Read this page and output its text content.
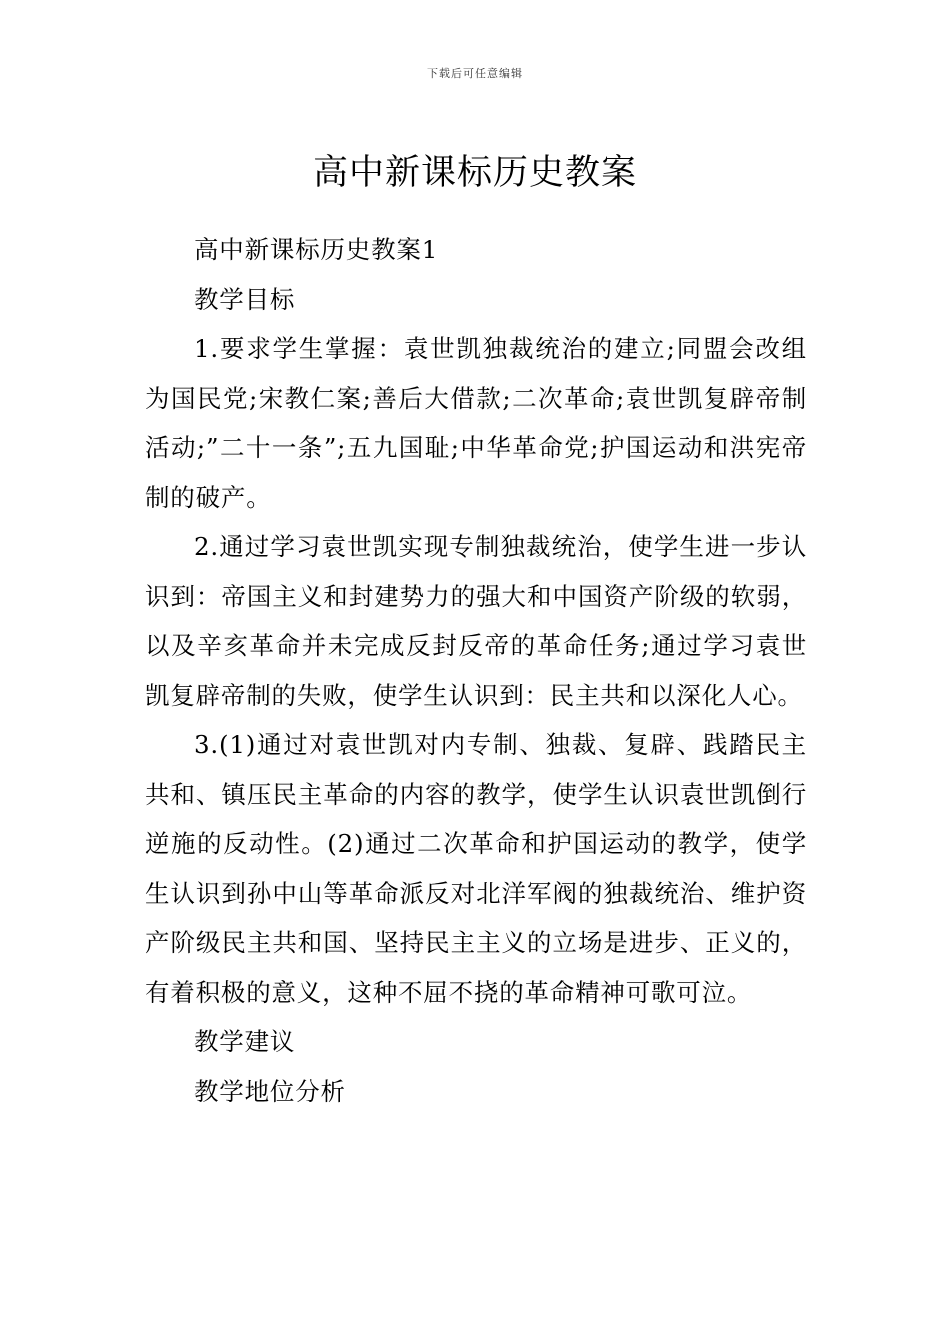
下载后可任意编辑
高中新课标历史教案

高中新课标历史教案1

教学目标

1.要求学生掌握：袁世凯独裁统治的建立;同盟会改组为国民党;宋教仁案;善后大借款;二次革命;袁世凯复辟帝制活动;”二十一条”;五九国耻;中华革命党;护国运动和洪宪帝制的破产。

2.通过学习袁世凯实现专制独裁统治，使学生进一步认识到：帝国主义和封建势力的强大和中国资产阶级的软弱，以及辛亥革命并未完成反封反帝的革命任务;通过学习袁世凯复辟帝制的失败，使学生认识到：民主共和以深化人心。

3.(1)通过对袁世凯对内专制、独裁、复辟、践踏民主共和、镇压民主革命的内容的教学，使学生认识袁世凯倒行逆施的反动性。(2)通过二次革命和护国运动的教学，使学生认识到孙中山等革命派反对北洋军阀的独裁统治、维护资产阶级民主共和国、坚持民主主义的立场是进步、正义的，有着积极的意义，这种不屈不挠的革命精神可歌可泣。

教学建议

教学地位分析
